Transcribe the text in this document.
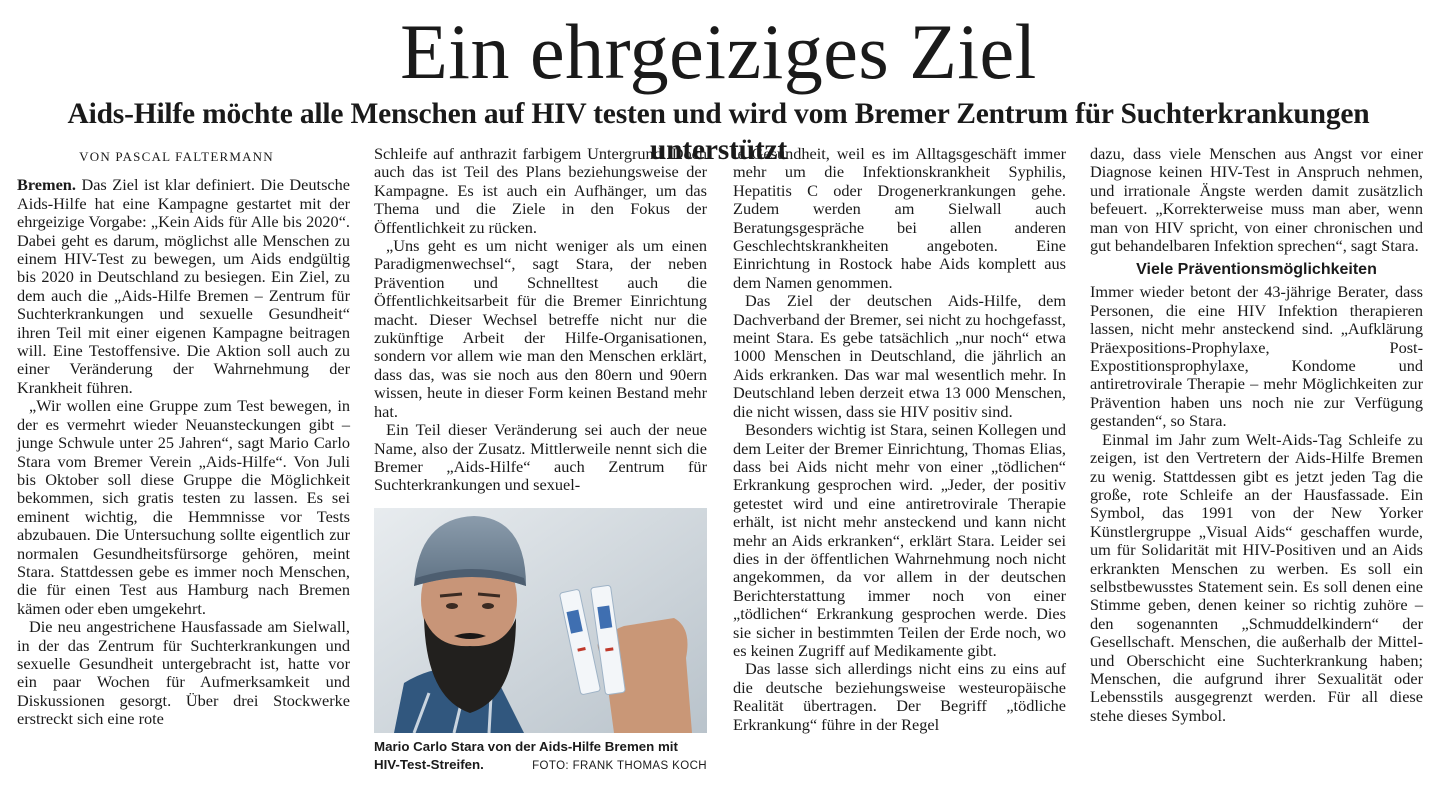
Ein ehrgeiziges Ziel
Aids-Hilfe möchte alle Menschen auf HIV testen und wird vom Bremer Zentrum für Suchterkrankungen unterstützt
VON PASCAL FALTERMANN

Bremen. Das Ziel ist klar definiert. Die Deutsche Aids-Hilfe hat eine Kampagne gestartet mit der ehrgeizige Vorgabe: „Kein Aids für Alle bis 2020“. Dabei geht es darum, möglichst alle Menschen zu einem HIV-Test zu bewegen, um Aids endgültig bis 2020 in Deutschland zu besiegen. Ein Ziel, zu dem auch die „Aids-Hilfe Bremen – Zentrum für Suchterkrankungen und sexuelle Gesundheit“ ihren Teil mit einer eigenen Kampagne beitragen will. Eine Testoffensive. Die Aktion soll auch zu einer Veränderung der Wahrnehmung der Krankheit führen.

„Wir wollen eine Gruppe zum Test bewegen, in der es vermehrt wieder Neuansteckungen gibt – junge Schwule unter 25 Jahren“, sagt Mario Carlo Stara vom Bremer Verein „Aids-Hilfe“. Von Juli bis Oktober soll diese Gruppe die Möglichkeit bekommen, sich gratis testen zu lassen. Es sei eminent wichtig, die Hemmnisse vor Tests abzubauen. Die Untersuchung sollte eigentlich zur normalen Gesundheitsfürsorge gehören, meint Stara. Stattdessen gebe es immer noch Menschen, die für einen Test aus Hamburg nach Bremen kämen oder eben umgekehrt.

Die neu angestrichene Hausfassade am Sielwall, in der das Zentrum für Suchterkrankungen und sexuelle Gesundheit untergebracht ist, hatte vor ein paar Wochen für Aufmerksamkeit und Diskussionen gesorgt. Über drei Stockwerke erstreckt sich eine rote

Schleife auf anthrazit farbigem Untergrund. Doch auch das ist Teil des Plans beziehungsweise der Kampagne. Es ist auch ein Aufhänger, um das Thema und die Ziele in den Fokus der Öffentlichkeit zu rücken.

„Uns geht es um nicht weniger als um einen Paradigmenwechsel“, sagt Stara, der neben Prävention und Schnelltest auch die Öffentlichkeitsarbeit für die Bremer Einrichtung macht. Dieser Wechsel betreffe nicht nur die zukünftige Arbeit der Hilfe-Organisationen, sondern vor allem wie man den Menschen erklärt, dass das, was sie noch aus den 80ern und 90ern wissen, heute in dieser Form keinen Bestand mehr hat.

Ein Teil dieser Veränderung sei auch der neue Name, also der Zusatz. Mittlerweile nennt sich die Bremer „Aids-Hilfe“ auch Zentrum für Suchterkrankungen und sexuel-

Mario Carlo Stara von der Aids-Hilfe Bremen mit HIV-Test-Streifen.	FOTO: FRANK THOMAS KOCH

le Gesundheit, weil es im Alltagsgeschäft immer mehr um die Infektionskrankheit Syphilis, Hepatitis C oder Drogenerkrankungen gehe. Zudem werden am Sielwall auch Beratungsgespräche bei allen anderen Geschlechtskrankheiten angeboten. Eine Einrichtung in Rostock habe Aids komplett aus dem Namen genommen.

Das Ziel der deutschen Aids-Hilfe, dem Dachverband der Bremer, sei nicht zu hochgefasst, meint Stara. Es gebe tatsächlich „nur noch“ etwa 1000 Menschen in Deutschland, die jährlich an Aids erkranken. Das war mal wesentlich mehr. In Deutschland leben derzeit etwa 13 000 Menschen, die nicht wissen, dass sie HIV positiv sind.

Besonders wichtig ist Stara, seinen Kollegen und dem Leiter der Bremer Einrichtung, Thomas Elias, dass bei Aids nicht mehr von einer „tödlichen“ Erkrankung gesprochen wird. „Jeder, der positiv getestet wird und eine antiretrovirale Therapie erhält, ist nicht mehr ansteckend und kann nicht mehr an Aids erkranken“, erklärt Stara. Leider sei dies in der öffentlichen Wahrnehmung noch nicht angekommen, da vor allem in der deutschen Berichterstattung immer noch von einer „tödlichen“ Erkrankung gesprochen werde. Dies sie sicher in bestimmten Teilen der Erde noch, wo es keinen Zugriff auf Medikamente gibt.

Das lasse sich allerdings nicht eins zu eins auf die deutsche beziehungsweise westeuropäische Realität übertragen. Der Begriff „tödliche Erkrankung“ führe in der Regel

dazu, dass viele Menschen aus Angst vor einer Diagnose keinen HIV-Test in Anspruch nehmen, und irrationale Ängste werden damit zusätzlich befeuert. „Korrekterweise muss man aber, wenn man von HIV spricht, von einer chronischen und gut behandelbaren Infektion sprechen“, sagt Stara.

Viele Präventionsmöglichkeiten

Immer wieder betont der 43-jährige Berater, dass Personen, die eine HIV Infektion therapieren lassen, nicht mehr ansteckend sind. „Aufklärung Präexpositions-Prophylaxe, Post-Expostitionsprophylaxe, Kondome und antiretrovirale Therapie – mehr Möglichkeiten zur Prävention haben uns noch nie zur Verfügung gestanden“, so Stara.

Einmal im Jahr zum Welt-Aids-Tag Schleife zu zeigen, ist den Vertretern der Aids-Hilfe Bremen zu wenig. Stattdessen gibt es jetzt jeden Tag die große, rote Schleife an der Hausfassade. Ein Symbol, das 1991 von der New Yorker Künstlergruppe „Visual Aids“ geschaffen wurde, um für Solidarität mit HIV-Positiven und an Aids erkrankten Menschen zu werben. Es soll ein selbstbewusstes Statement sein. Es soll denen eine Stimme geben, denen keiner so richtig zuhöre – den sogenannten „Schmuddelkindern“ der Gesellschaft. Menschen, die außerhalb der Mittel- und Oberschicht eine Suchterkrankung haben; Menschen, die aufgrund ihrer Sexualität oder Lebensstils ausgegrenzt werden. Für all diese stehe dieses Symbol.
